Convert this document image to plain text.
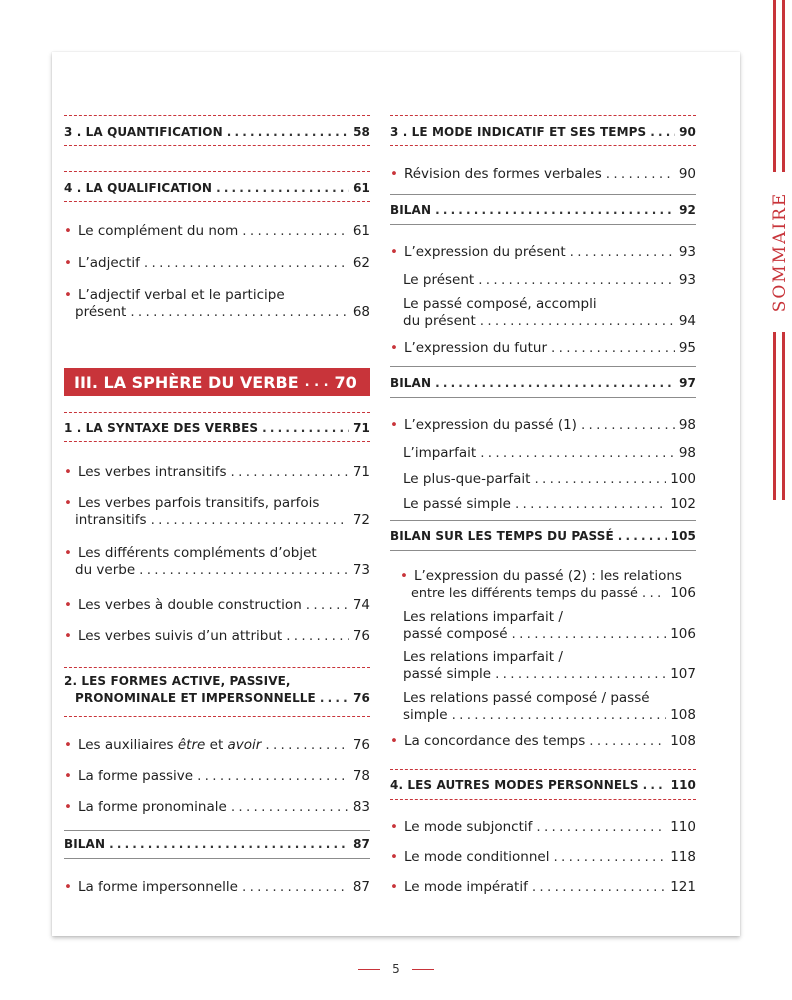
SOMMAIRE
3 . LA QUANTIFICATION . . .	58
4 . LA QUALIFICATION . . .	61
• Le complément du nom . . .	61
• L’adjectif . . .	62
• L’adjectif verbal et le participe
présent . . .	68
III. LA SPHÈRE DU VERBE . . . 70
1 . LA SYNTAXE DES VERBES . . .	71
• Les verbes intransitifs . . .	71
• Les verbes parfois transitifs, parfois
intransitifs . . .	72
• Les différents compléments d’objet
du verbe . . .	73
• Les verbes à double construction . . .	74
• Les verbes suivis d’un attribut . . .	76
2. LES FORMES ACTIVE, PASSIVE,
PRONOMINALE ET IMPERSONNELLE . . .	76
• Les auxiliaires être et avoir . . .	76
• La forme passive . . .	78
• La forme pronominale . . .	83
BILAN . . .	87
• La forme impersonnelle . . .	87
3 . LE MODE INDICATIF ET SES TEMPS . . .	90
• Révision des formes verbales . . .	90
BILAN . . .	92
• L’expression du présent . . .	93
Le présent . . .	93
Le passé composé, accompli
du présent . . .	94
• L’expression du futur . . .	95
BILAN . . .	97
• L’expression du passé (1) . . .	98
L’imparfait . . .	98
Le plus-que-parfait . . .	100
Le passé simple . . .	102
BILAN SUR LES TEMPS DU PASSÉ . . .	105
• L’expression du passé (2) : les relations
entre les différents temps du passé . . . 106
Les relations imparfait /
passé composé . . .	106
Les relations imparfait /
passé simple . . .	107
Les relations passé composé / passé
simple . . .	108
• La concordance des temps . . .	108
4. LES AUTRES MODES PERSONNELS . . .	110
• Le mode subjonctif . . .	110
• Le mode conditionnel . . .	118
• Le mode impératif . . .	121
5
